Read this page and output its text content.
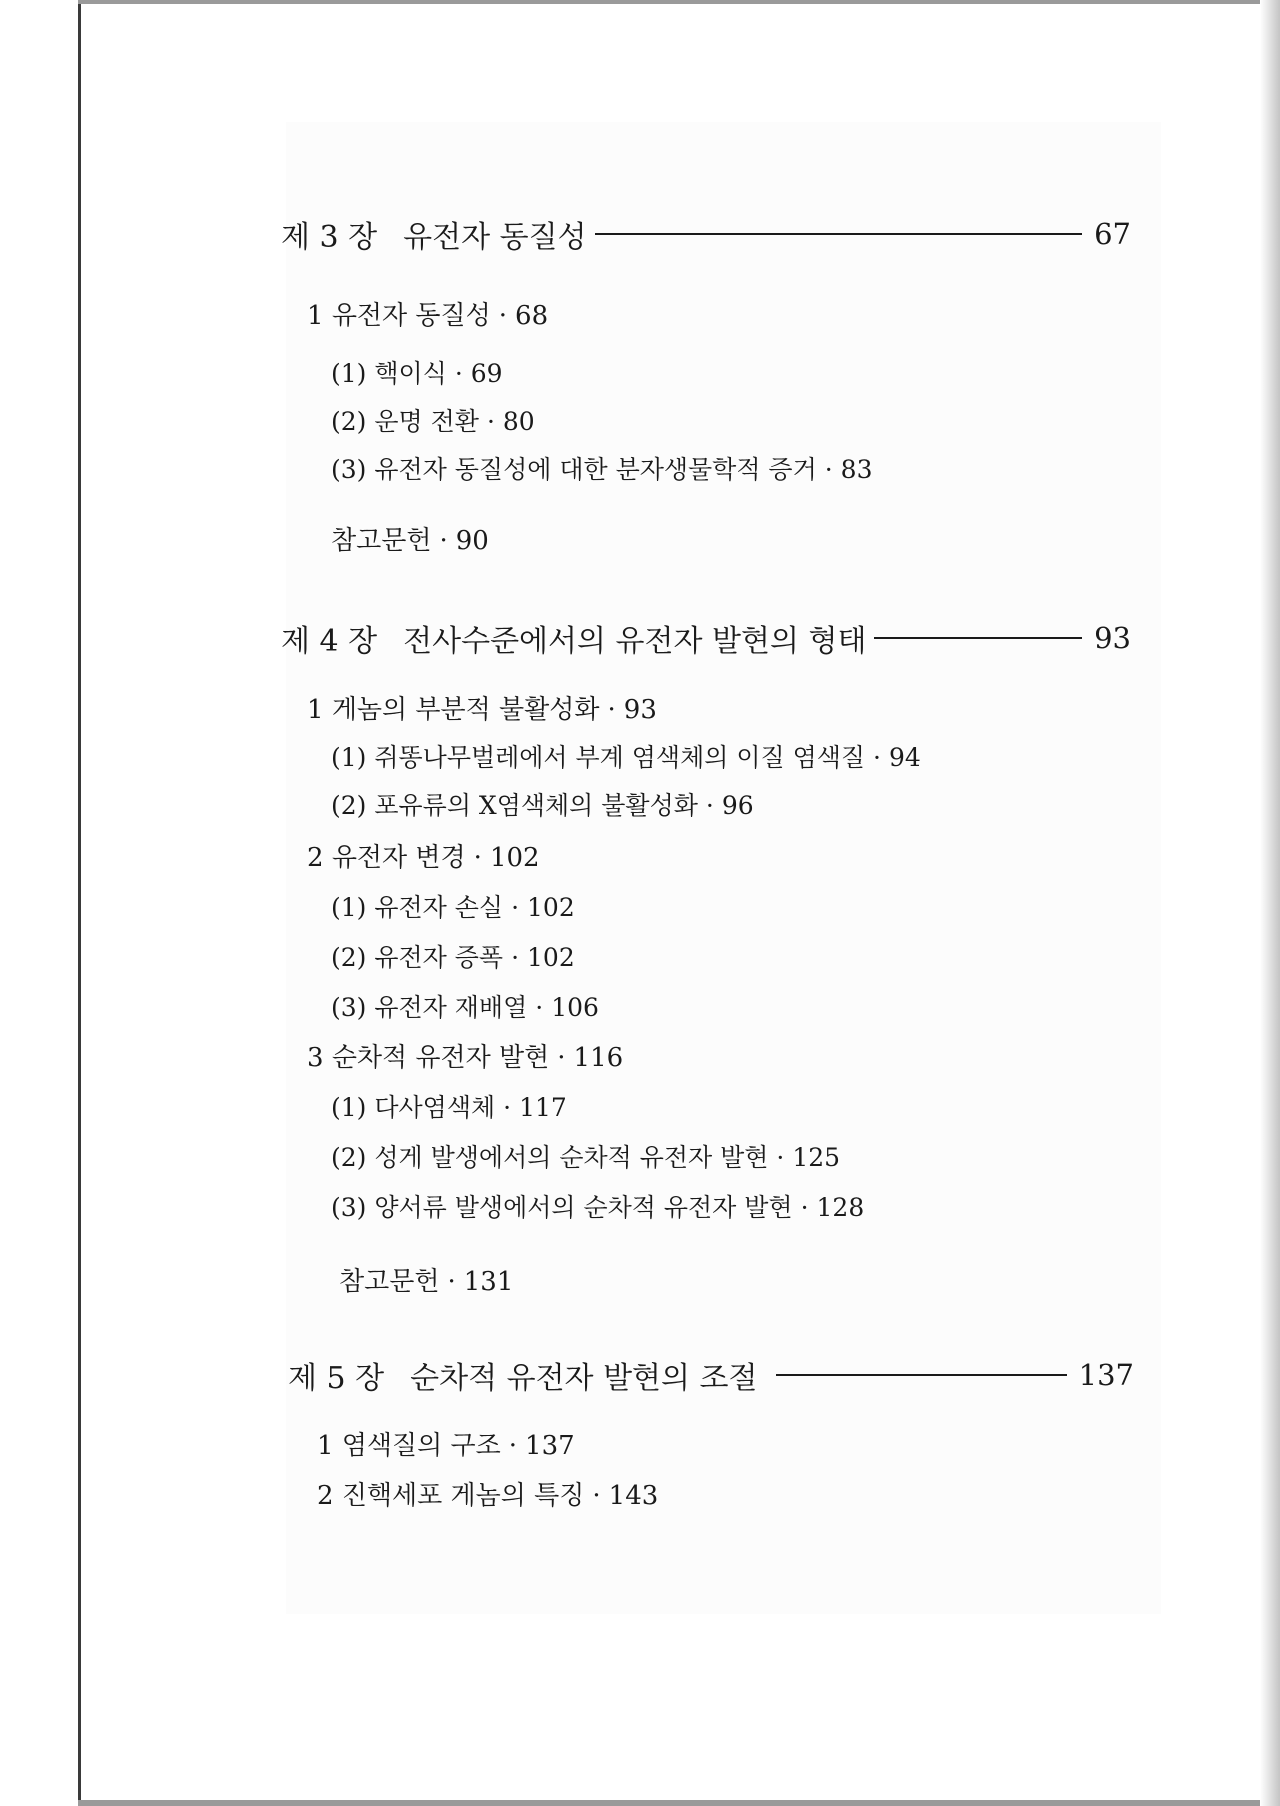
제 3 장 유전자 동질성	67
1 유전자 동질성 · 68
(1) 핵이식 · 69
(2) 운명 전환 · 80
(3) 유전자 동질성에 대한 분자생물학적 증거 · 83
참고문헌 · 90
제 4 장 전사수준에서의 유전자 발현의 형태	93
1 게놈의 부분적 불활성화 · 93
(1) 쥐똥나무벌레에서 부계 염색체의 이질 염색질 · 94
(2) 포유류의 X염색체의 불활성화 · 96
2 유전자 변경 · 102
(1) 유전자 손실 · 102
(2) 유전자 증폭 · 102
(3) 유전자 재배열 · 106
3 순차적 유전자 발현 · 116
(1) 다사염색체 · 117
(2) 성게 발생에서의 순차적 유전자 발현 · 125
(3) 양서류 발생에서의 순차적 유전자 발현 · 128
참고문헌 · 131
제 5 장 순차적 유전자 발현의 조절	137
1 염색질의 구조 · 137
2 진핵세포 게놈의 특징 · 143
